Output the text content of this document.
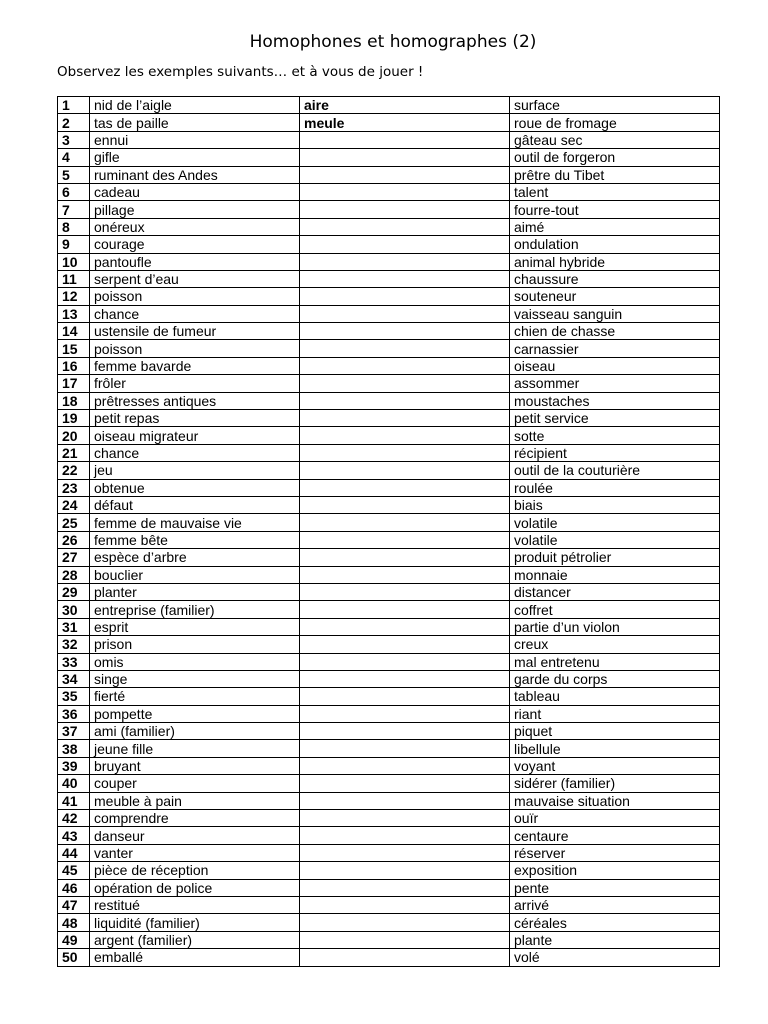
Homophones et homographes (2)
Observez les exemples suivants… et à vous de jouer !
1	nid de l’aigle	aire	surface
2	tas de paille	meule	roue de fromage
3	ennui		gâteau sec
4	gifle		outil de forgeron
5	ruminant des Andes		prêtre du Tibet
6	cadeau		talent
7	pillage		fourre-tout
8	onéreux		aimé
9	courage		ondulation
10	pantoufle		animal hybride
11	serpent d’eau		chaussure
12	poisson		souteneur
13	chance		vaisseau sanguin
14	ustensile de fumeur		chien de chasse
15	poisson		carnassier
16	femme bavarde		oiseau
17	frôler		assommer
18	prêtresses antiques		moustaches
19	petit repas		petit service
20	oiseau migrateur		sotte
21	chance		récipient
22	jeu		outil de la couturière
23	obtenue		roulée
24	défaut		biais
25	femme de mauvaise vie		volatile
26	femme bête		volatile
27	espèce d’arbre		produit pétrolier
28	bouclier		monnaie
29	planter		distancer
30	entreprise (familier)		coffret
31	esprit		partie d’un violon
32	prison		creux
33	omis		mal entretenu
34	singe		garde du corps
35	fierté		tableau
36	pompette		riant
37	ami (familier)		piquet
38	jeune fille		libellule
39	bruyant		voyant
40	couper		sidérer (familier)
41	meuble à pain		mauvaise situation
42	comprendre		ouïr
43	danseur		centaure
44	vanter		réserver
45	pièce de réception		exposition
46	opération de police		pente
47	restitué		arrivé
48	liquidité (familier)		céréales
49	argent (familier)		plante
50	emballé		volé
